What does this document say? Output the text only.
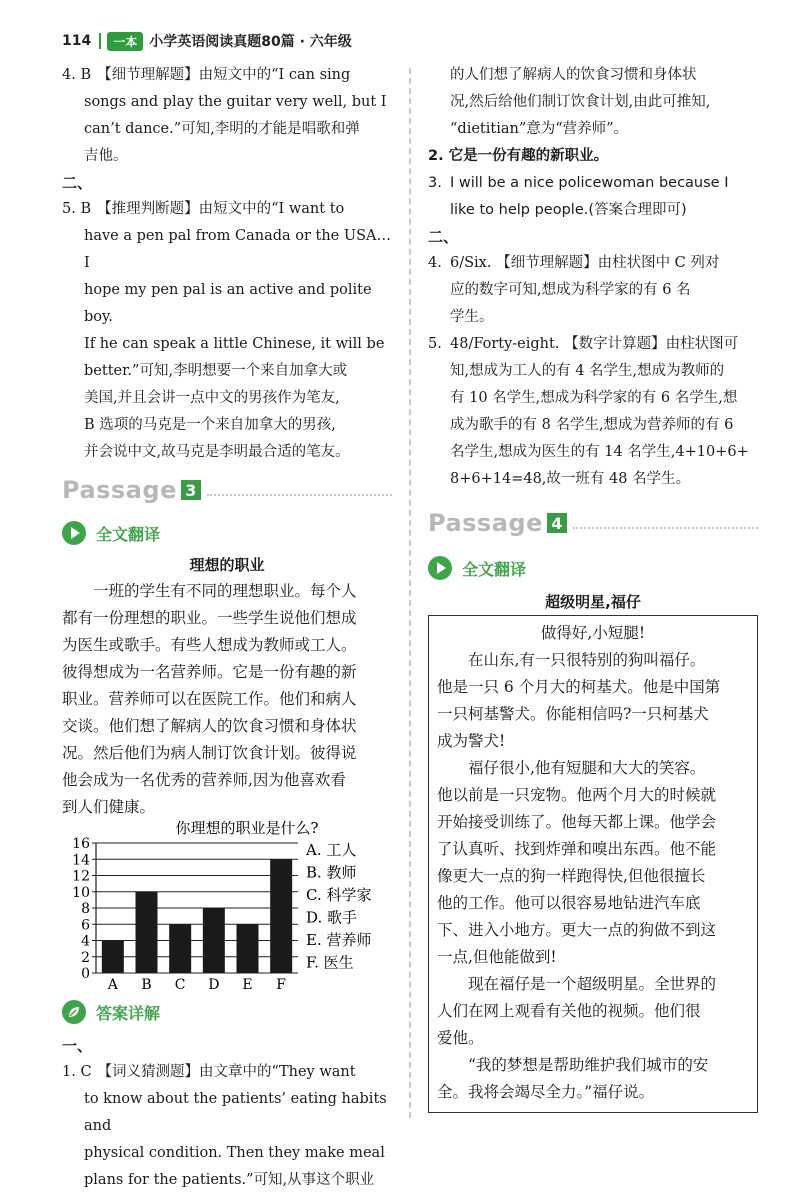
114	一本 小学英语阅读真题80篇 · 六年级

4. B 【细节理解题】由短文中的“I can sing

songs and play the guitar very well, but I

can’t dance.”可知,李明的才能是唱歌和弹

吉他。

二、

5. B 【推理判断题】由短文中的“I want to

have a pen pal from Canada or the USA…I

hope my pen pal is an active and polite boy.

If he can speak a little Chinese, it will be

better.”可知,李明想要一个来自加拿大或

美国,并且会讲一点中文的男孩作为笔友,

B 选项的马克是一个来自加拿大的男孩,

并会说中文,故马克是李明最合适的笔友。

Passage 3
全文翻译

理想的职业

一班的学生有不同的理想职业。每个人

都有一份理想的职业。一些学生说他们想成

为医生或歌手。有些人想成为教师或工人。

彼得想成为一名营养师。它是一份有趣的新

职业。营养师可以在医院工作。他们和病人

交谈。他们想了解病人的饮食习惯和身体状

况。然后他们为病人制订饮食计划。彼得说

他会成为一名优秀的营养师,因为他喜欢看

到人们健康。

你理想的职业是什么?
0
2
4
6
8
10
12
14
16
A B C D E F
A. 工人
B. 教师
C. 科学家
D. 歌手
E. 营养师
F. 医生
答案详解

一、

1. C 【词义猜测题】由文章中的“They want

to know about the patients’ eating habits and

physical condition. Then they make meal

plans for the patients.”可知,从事这个职业

的人们想了解病人的饮食习惯和身体状

况,然后给他们制订饮食计划,由此可推知,

“dietitian”意为“营养师”。

2. 它是一份有趣的新职业。

3. I will be a nice policewoman because I

like to help people.(答案合理即可)

二、

4. 6/Six. 【细节理解题】由柱状图中 C 列对

应的数字可知,想成为科学家的有 6 名

学生。

5. 48/Forty-eight. 【数字计算题】由柱状图可

知,想成为工人的有 4 名学生,想成为教师的

有 10 名学生,想成为科学家的有 6 名学生,想

成为歌手的有 8 名学生,想成为营养师的有 6

名学生,想成为医生的有 14 名学生,4+10+6+

8+6+14=48,故一班有 48 名学生。

Passage 4
全文翻译

超级明星,福仔

做得好,小短腿!

在山东,有一只很特别的狗叫福仔。

他是一只 6 个月大的柯基犬。他是中国第

一只柯基警犬。你能相信吗?一只柯基犬

成为警犬!

福仔很小,他有短腿和大大的笑容。

他以前是一只宠物。他两个月大的时候就

开始接受训练了。他每天都上课。他学会

了认真听、找到炸弹和嗅出东西。他不能

像更大一点的狗一样跑得快,但他很擅长

他的工作。他可以很容易地钻进汽车底

下、进入小地方。更大一点的狗做不到这

一点,但他能做到!

现在福仔是一个超级明星。全世界的

人们在网上观看有关他的视频。他们很

爱他。

“我的梦想是帮助维护我们城市的安

全。我将会竭尽全力。”福仔说。
